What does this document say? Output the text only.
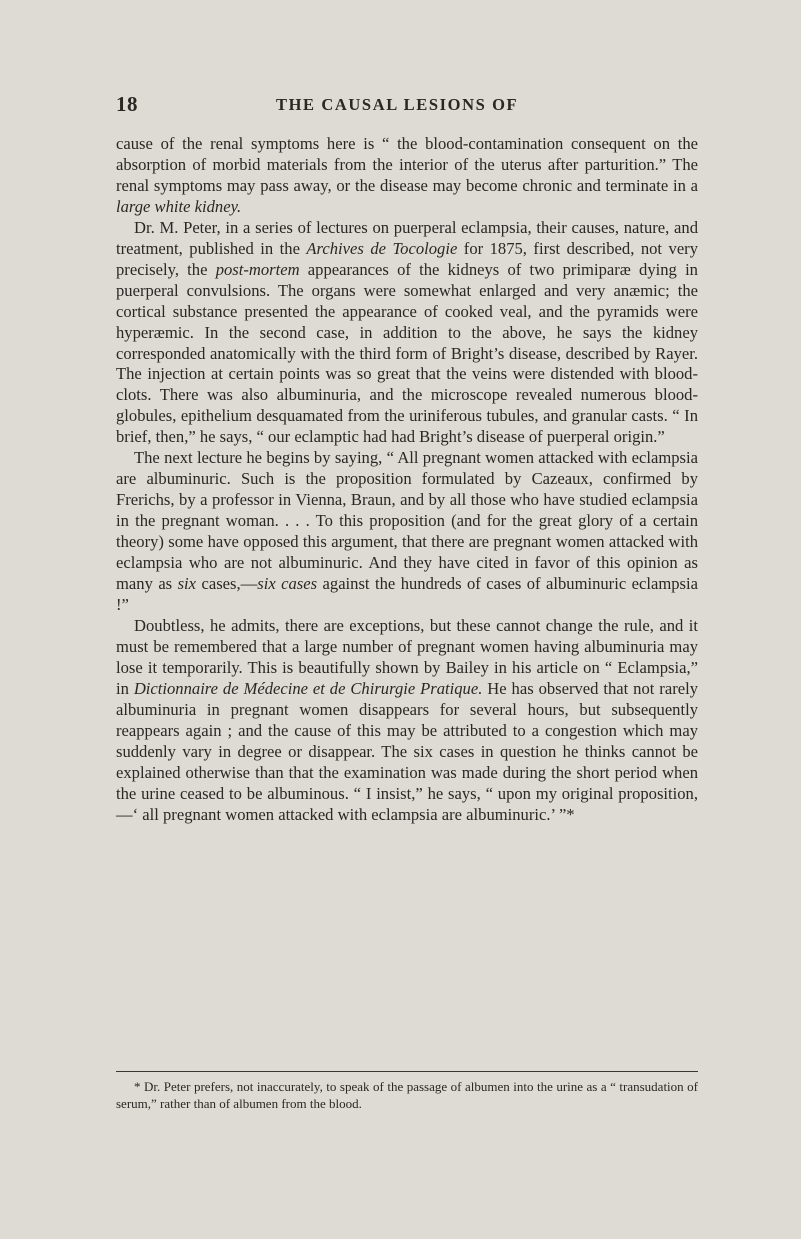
18	THE CAUSAL LESIONS OF

cause of the renal symptoms here is “ the blood-contamination consequent on the absorption of morbid materials from the interior of the uterus after parturition.” The renal symptoms may pass away, or the disease may become chronic and terminate in a large white kidney.

Dr. M. Peter, in a series of lectures on puerperal eclampsia, their causes, nature, and treatment, published in the Archives de Tocologie for 1875, first described, not very precisely, the post-mortem appearances of the kidneys of two primiparæ dying in puerperal convulsions. The organs were somewhat enlarged and very anæmic; the cortical substance presented the appearance of cooked veal, and the pyramids were hyperæmic. In the second case, in addition to the above, he says the kidney corresponded anatomically with the third form of Bright’s disease, described by Rayer. The injection at certain points was so great that the veins were distended with blood-clots. There was also albuminuria, and the microscope revealed numerous blood-globules, epithelium desquamated from the uriniferous tubules, and granular casts. “ In brief, then,” he says, “ our eclamptic had had Bright’s disease of puerperal origin.”

The next lecture he begins by saying, “ All pregnant women attacked with eclampsia are albuminuric. Such is the proposition formulated by Cazeaux, confirmed by Frerichs, by a professor in Vienna, Braun, and by all those who have studied eclampsia in the pregnant woman. . . . To this proposition (and for the great glory of a certain theory) some have opposed this argument, that there are pregnant women attacked with eclampsia who are not albuminuric. And they have cited in favor of this opinion as many as six cases,—six cases against the hundreds of cases of albuminuric eclampsia !”

Doubtless, he admits, there are exceptions, but these cannot change the rule, and it must be remembered that a large number of pregnant women having albuminuria may lose it temporarily. This is beautifully shown by Bailey in his article on “ Eclampsia,” in Dictionnaire de Médecine et de Chirurgie Pratique. He has observed that not rarely albuminuria in pregnant women disappears for several hours, but subsequently reappears again ; and the cause of this may be attributed to a congestion which may suddenly vary in degree or disappear. The six cases in question he thinks cannot be explained otherwise than that the examination was made during the short period when the urine ceased to be albuminous. “ I insist,” he says, “ upon my original proposition,—‘ all pregnant women attacked with eclampsia are albuminuric.’ ”*

* Dr. Peter prefers, not inaccurately, to speak of the passage of albumen into the urine as a “ transudation of serum,” rather than of albumen from the blood.
